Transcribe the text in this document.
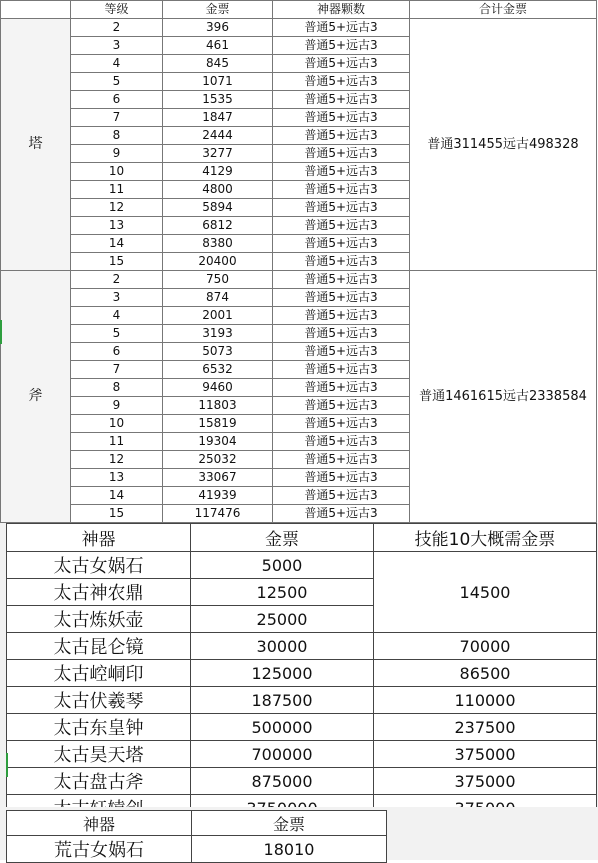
	等级	金票	神器颗数	合计金票
塔	2	396	普通5+远古3	普通311455远古498328
	3	461	普通5+远古3	
	4	845	普通5+远古3	
	5	1071	普通5+远古3	
	6	1535	普通5+远古3	
	7	1847	普通5+远古3	
	8	2444	普通5+远古3	
	9	3277	普通5+远古3	
	10	4129	普通5+远古3	
	11	4800	普通5+远古3	
	12	5894	普通5+远古3	
	13	6812	普通5+远古3	
	14	8380	普通5+远古3	
	15	20400	普通5+远古3	
斧	2	750	普通5+远古3	普通1461615远古2338584
	3	874	普通5+远古3	
	4	2001	普通5+远古3	
	5	3193	普通5+远古3	
	6	5073	普通5+远古3	
	7	6532	普通5+远古3	
	8	9460	普通5+远古3	
	9	11803	普通5+远古3	
	10	15819	普通5+远古3	
	11	19304	普通5+远古3	
	12	25032	普通5+远古3	
	13	33067	普通5+远古3	
	14	41939	普通5+远古3	
	15	117476	普通5+远古3	
神器	金票	技能10大概需金票
太古女娲石	5000	14500
太古神农鼎	12500	
太古炼妖壶	25000	
太古昆仑镜	30000	70000
太古崆峒印	125000	86500
太古伏羲琴	187500	110000
太古东皇钟	500000	237500
太古昊天塔	700000	375000
太古盘古斧	875000	375000

神器	金票
荒古女娲石	18010
